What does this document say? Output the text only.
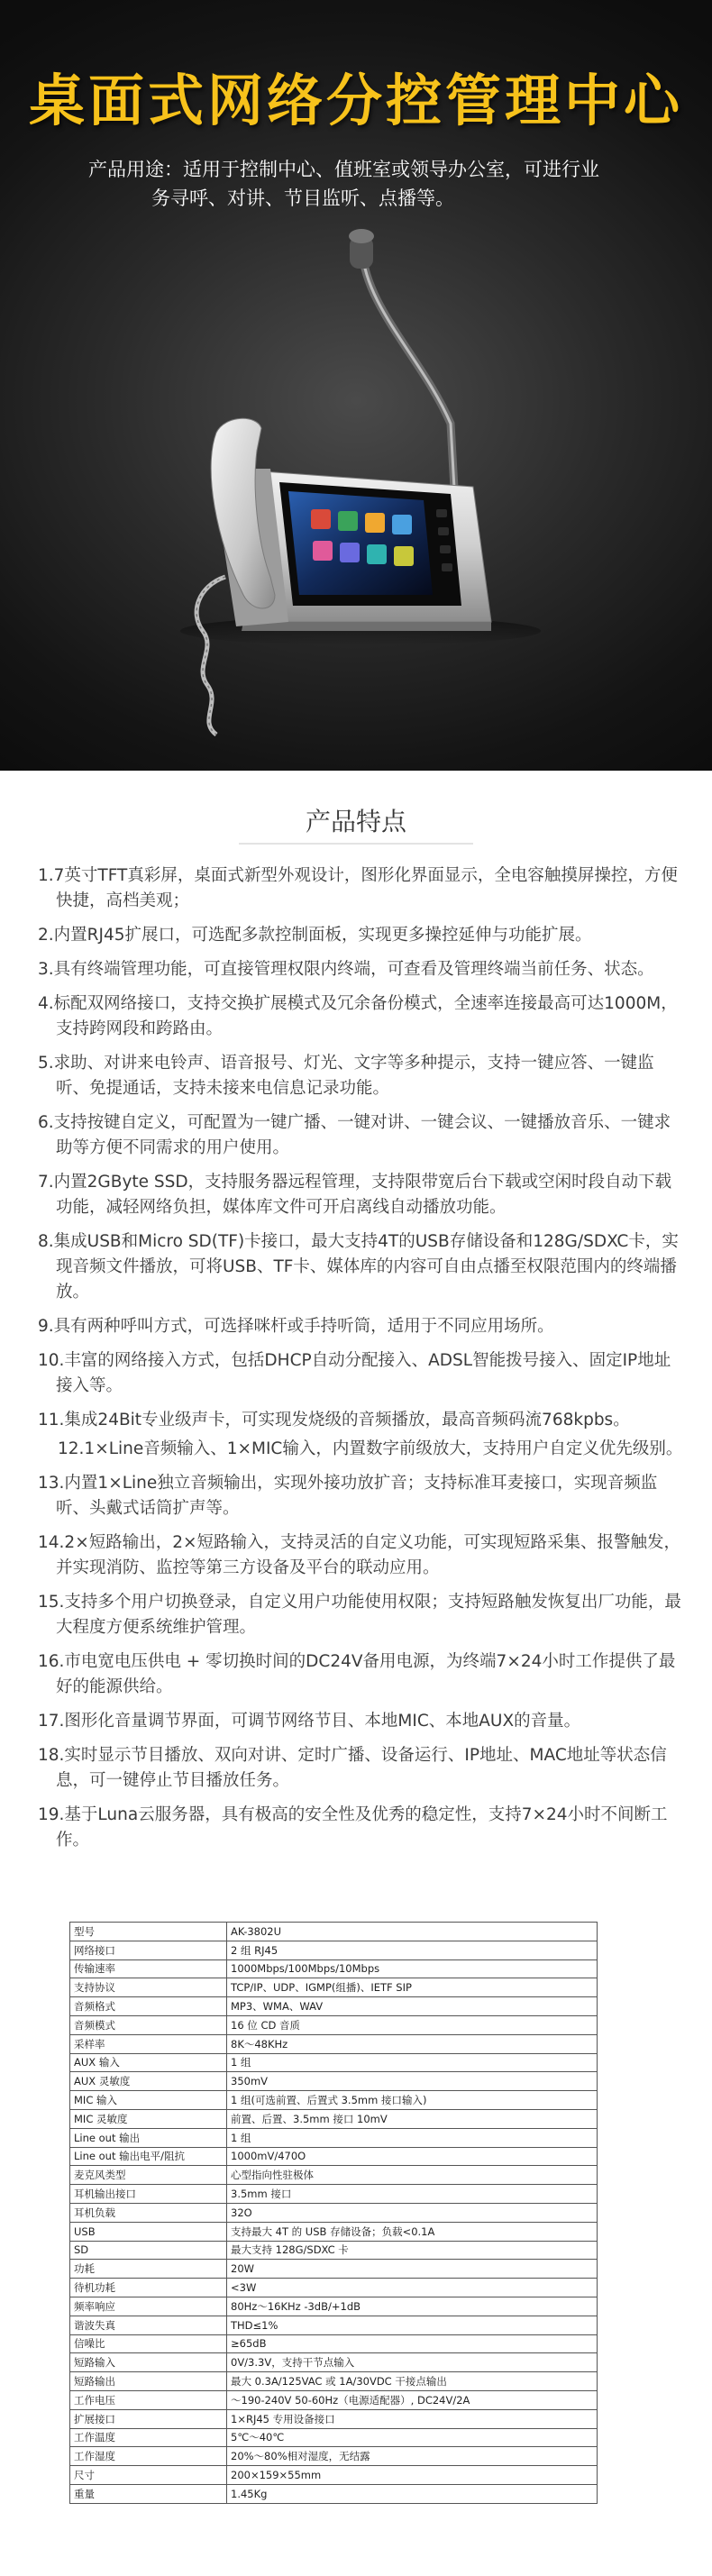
桌面式网络分控管理中心
产品用途：适用于控制中心、值班室或领导办公室，可进行业
务寻呼、对讲、节目监听、点播等。
产品特点

1.7英寸TFT真彩屏，桌面式新型外观设计，图形化界面显示，全电容触摸屏操控，方便快捷，高档美观；

2.内置RJ45扩展口，可选配多款控制面板，实现更多操控延伸与功能扩展。

3.具有终端管理功能，可直接管理权限内终端，可查看及管理终端当前任务、状态。

4.标配双网络接口，支持交换扩展模式及冗余备份模式，全速率连接最高可达1000M，支持跨网段和跨路由。

5.求助、对讲来电铃声、语音报号、灯光、文字等多种提示，支持一键应答、一键监听、免提通话，支持未接来电信息记录功能。

6.支持按键自定义，可配置为一键广播、一键对讲、一键会议、一键播放音乐、一键求助等方便不同需求的用户使用。

7.内置2GByte SSD，支持服务器远程管理，支持限带宽后台下载或空闲时段自动下载功能，减轻网络负担，媒体库文件可开启离线自动播放功能。

8.集成USB和Micro SD(TF)卡接口，最大支持4T的USB存储设备和128G/SDXC卡，实现音频文件播放，可将USB、TF卡、媒体库的内容可自由点播至权限范围内的终端播放。

9.具有两种呼叫方式，可选择咪杆或手持听筒，适用于不同应用场所。

10.丰富的网络接入方式，包括DHCP自动分配接入、ADSL智能拨号接入、固定IP地址接入等。

11.集成24Bit专业级声卡，可实现发烧级的音频播放，最高音频码流768kpbs。

12.1×Line音频输入、1×MIC输入，内置数字前级放大，支持用户自定义优先级别。

13.内置1×Line独立音频输出，实现外接功放扩音；支持标准耳麦接口，实现音频监听、头戴式话筒扩声等。

14.2×短路输出，2×短路输入，支持灵活的自定义功能，可实现短路采集、报警触发，并实现消防、监控等第三方设备及平台的联动应用。

15.支持多个用户切换登录，自定义用户功能使用权限；支持短路触发恢复出厂功能，最大程度方便系统维护管理。

16.市电宽电压供电 + 零切换时间的DC24V备用电源，为终端7×24小时工作提供了最好的能源供给。

17.图形化音量调节界面，可调节网络节目、本地MIC、本地AUX的音量。

18.实时显示节目播放、双向对讲、定时广播、设备运行、IP地址、MAC地址等状态信息，可一键停止节目播放任务。

19.基于Luna云服务器，具有极高的安全性及优秀的稳定性，支持7×24小时不间断工作。

型号	AK-3802U
网络接口	2 组 RJ45
传输速率	1000Mbps/100Mbps/10Mbps
支持协议	TCP/IP、UDP、IGMP(组播)、IETF SIP
音频格式	MP3、WMA、WAV
音频模式	16 位 CD 音质
采样率	8K～48KHz
AUX 输入	1 组
AUX 灵敏度	350mV
MIC 输入	1 组(可选前置、后置式 3.5mm 接口输入)
MIC 灵敏度	前置、后置、3.5mm 接口 10mV
Line out 输出	1 组
Line out 输出电平/阻抗	1000mV/470O
麦克风类型	心型指向性驻极体
耳机输出接口	3.5mm 接口
耳机负载	32O
USB	支持最大 4T 的 USB 存储设备；负载<0.1A
SD	最大支持 128G/SDXC 卡
功耗	20W
待机功耗	<3W
频率响应	80Hz～16KHz -3dB/+1dB
谐波失真	THD≤1%
信噪比	≥65dB
短路输入	0V/3.3V，支持干节点输入
短路输出	最大 0.3A/125VAC 或 1A/30VDC 干接点输出
工作电压	～190-240V 50-60Hz（电源适配器）, DC24V/2A
扩展接口	1×RJ45 专用设备接口
工作温度	5℃～40℃
工作湿度	20%～80%相对湿度，无结露
尺寸	200×159×55mm
重量	1.45Kg
